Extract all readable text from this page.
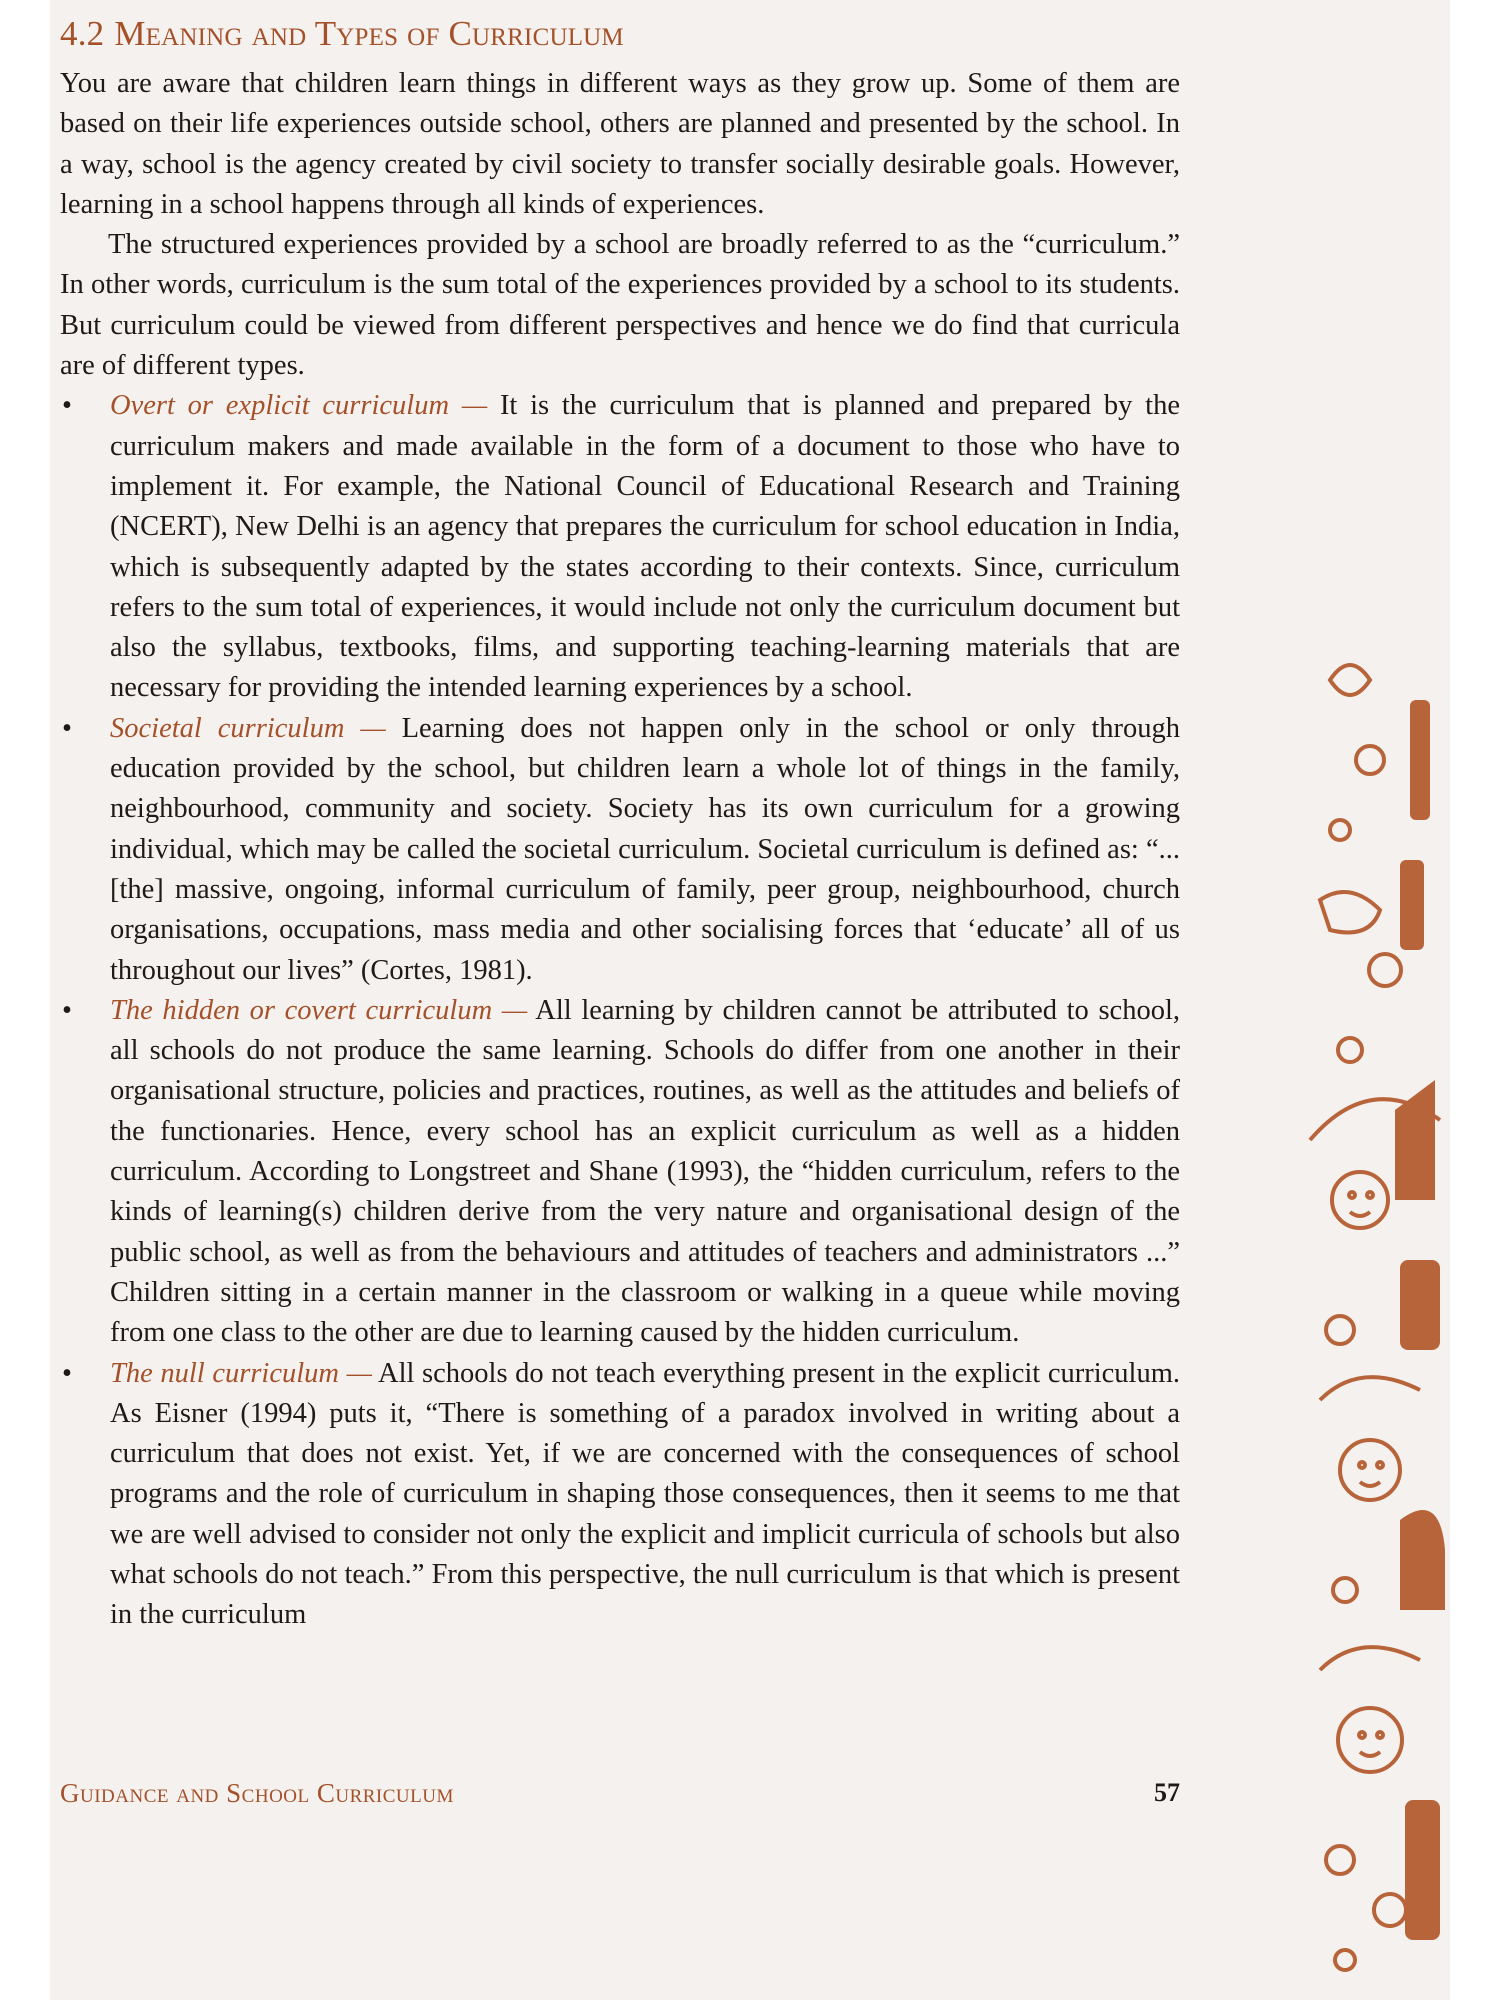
4.2 Meaning and Types of Curriculum

You are aware that children learn things in different ways as they grow up. Some of them are based on their life experiences outside school, others are planned and presented by the school. In a way, school is the agency created by civil society to transfer socially desirable goals. However, learning in a school happens through all kinds of experiences.

The structured experiences provided by a school are broadly referred to as the “curriculum.” In other words, curriculum is the sum total of the experiences provided by a school to its students. But curriculum could be viewed from different perspectives and hence we do find that curricula are of different types.

• Overt or explicit curriculum — It is the curriculum that is planned and prepared by the curriculum makers and made available in the form of a document to those who have to implement it. For example, the National Council of Educational Research and Training (NCERT), New Delhi is an agency that prepares the curriculum for school education in India, which is subsequently adapted by the states according to their contexts. Since, curriculum refers to the sum total of experiences, it would include not only the curriculum document but also the syllabus, textbooks, films, and supporting teaching-learning materials that are necessary for providing the intended learning experiences by a school.
• Societal curriculum — Learning does not happen only in the school or only through education provided by the school, but children learn a whole lot of things in the family, neighbourhood, community and society. Society has its own curriculum for a growing individual, which may be called the societal curriculum. Societal curriculum is defined as: “...[the] massive, ongoing, informal curriculum of family, peer group, neighbourhood, church organisations, occupations, mass media and other socialising forces that ‘educate’ all of us throughout our lives” (Cortes, 1981).
• The hidden or covert curriculum — All learning by children cannot be attributed to school, all schools do not produce the same learning. Schools do differ from one another in their organisational structure, policies and practices, routines, as well as the attitudes and beliefs of the functionaries. Hence, every school has an explicit curriculum as well as a hidden curriculum. According to Longstreet and Shane (1993), the “hidden curriculum, refers to the kinds of learning(s) children derive from the very nature and organisational design of the public school, as well as from the behaviours and attitudes of teachers and administrators ...” Children sitting in a certain manner in the classroom or walking in a queue while moving from one class to the other are due to learning caused by the hidden curriculum.
• The null curriculum — All schools do not teach everything present in the explicit curriculum. As Eisner (1994) puts it, “There is something of a paradox involved in writing about a curriculum that does not exist. Yet, if we are concerned with the consequences of school programs and the role of curriculum in shaping those consequences, then it seems to me that we are well advised to consider not only the explicit and implicit curricula of schools but also what schools do not teach.” From this perspective, the null curriculum is that which is present in the curriculum
Guidance and School Curriculum	57
